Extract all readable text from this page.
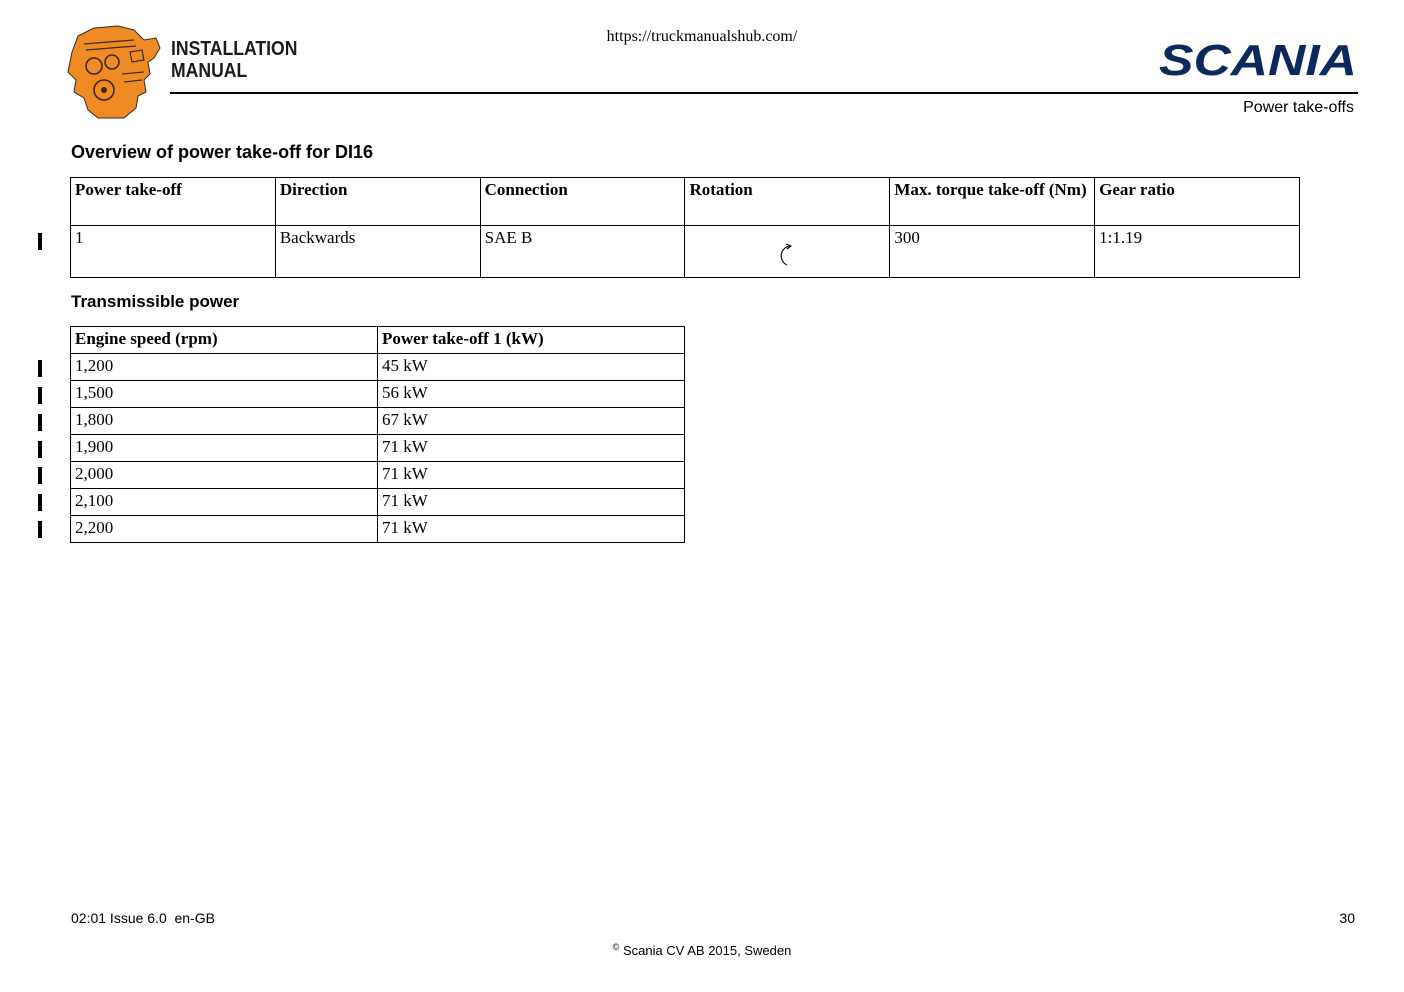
https://truckmanualshub.com/
INSTALLATION
MANUAL	SCANIA
Power take-offs
Overview of power take-off for DI16
Power take-off	Direction	Connection	Rotation	Max. torque take-off (Nm)	Gear ratio
1	Backwards	SAE B		300	1:1.19
Transmissible power
Engine speed (rpm)	Power take-off 1 (kW)
1,200	45 kW
1,500	56 kW
1,800	67 kW
1,900	71 kW
2,000	71 kW
2,100	71 kW
2,200	71 kW
02:01 Issue 6.0  en-GB	30
© Scania CV AB 2015, Sweden
